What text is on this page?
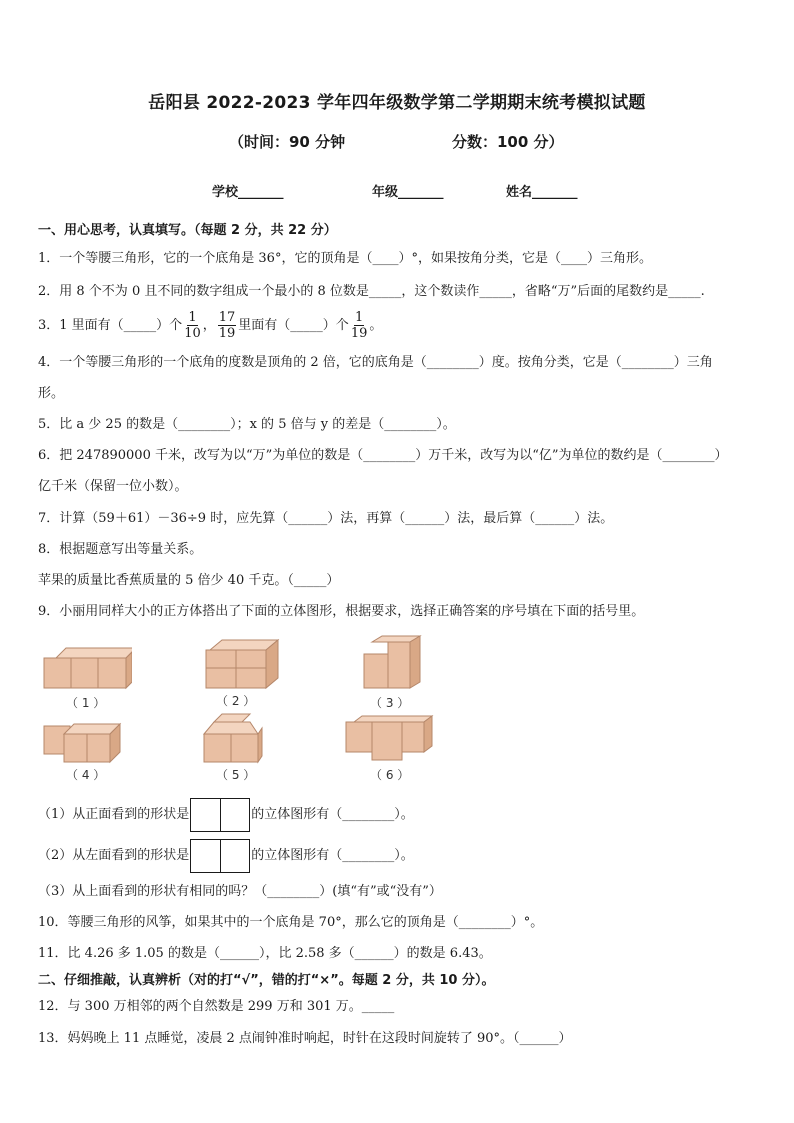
岳阳县 2022-2023 学年四年级数学第二学期期末统考模拟试题
（时间：90 分钟	分数：100 分）
学校_______	年级_______	姓名_______
一、用心思考，认真填写。（每题 2 分，共 22 分）
1．一个等腰三角形，它的一个底角是 36°，它的顶角是（____）°，如果按角分类，它是（____）三角形。
2．用 8 个不为 0 且不同的数字组成一个最小的 8 位数是_____，这个数读作_____，省略“万”后面的尾数约是_____.
3．1 里面有（_____）个 $\frac{1}{10}$ ， $\frac{17}{19}$ 里面有（_____）个 $\frac{1}{19}$ 。
4．一个等腰三角形的一个底角的度数是顶角的 2 倍，它的底角是（________）度。按角分类，它是（________）三角
形。
5．比 a 少 25 的数是（________）；x 的 5 倍与 y 的差是（________）。
6．把 247890000 千米，改写为以“万”为单位的数是（________）万千米，改写为以“亿”为单位的数约是（________）
亿千米（保留一位小数）。
7．计算（59＋61）－36÷9 时，应先算（______）法，再算（______）法，最后算（______）法。
8．根据题意写出等量关系。
苹果的质量比香蕉质量的 5 倍少 40 千克。（_____）
9．小丽用同样大小的正方体搭出了下面的立体图形，根据要求，选择正确答案的序号填在下面的括号里。
（ 1 ）	（ 2 ）	（ 3 ）
（ 4 ）	（ 5 ）	（ 6 ）
（1）从正面看到的形状是	的立体图形有（________）。
（2）从左面看到的形状是	的立体图形有（________）。
（3）从上面看到的形状有相同的吗？（________）(填“有”或“没有”）
10．等腰三角形的风筝，如果其中的一个底角是 70°，那么它的顶角是（________）°。
11．比 4.26 多 1.05 的数是（______），比 2.58 多（______）的数是 6.43。
二、仔细推敲，认真辨析（对的打“√”，错的打“×”。每题 2 分，共 10 分）。
12．与 300 万相邻的两个自然数是 299 万和 301 万。_____
13．妈妈晚上 11 点睡觉，凌晨 2 点闹钟准时响起，时针在这段时间旋转了 90°。（______）
